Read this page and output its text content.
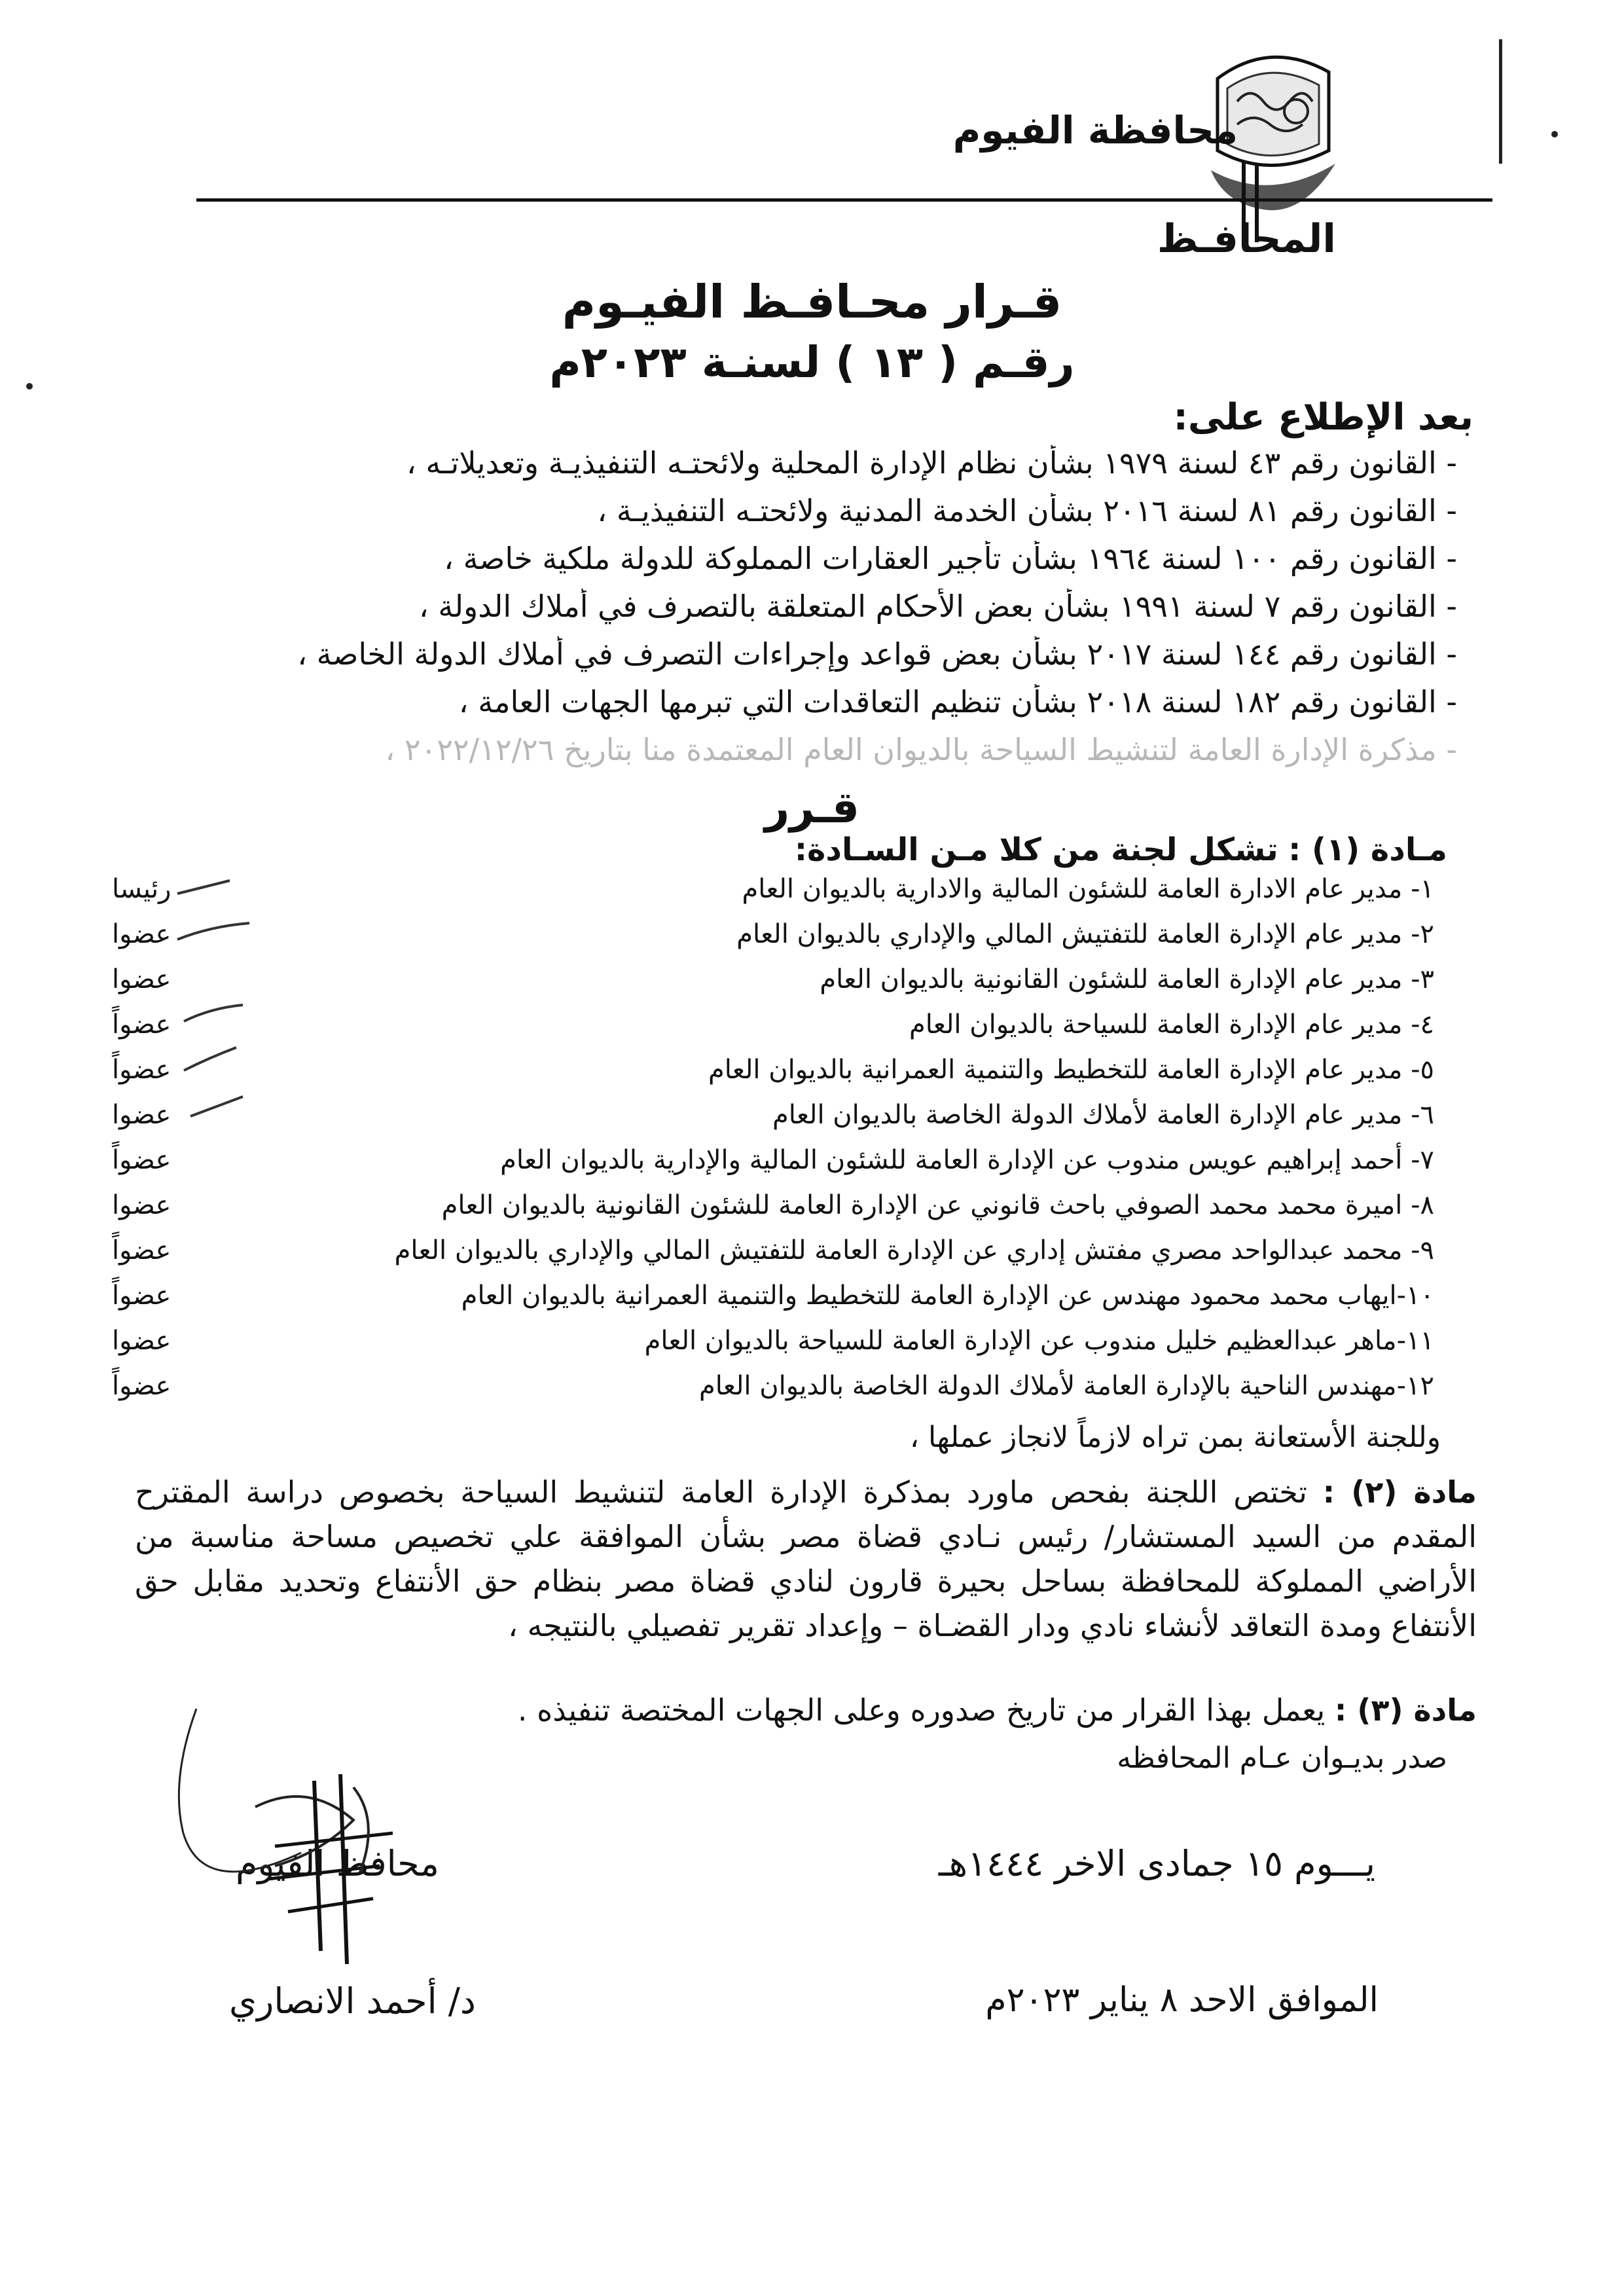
محافظة الفيوم
المحافـظ
قـرار محـافـظ الفيـوم
رقـم ( ١٣ ) لسنـة ٢٠٢٣م
بعد الإطلاع على:
- القانون رقم ٤٣ لسنة ١٩٧٩ بشأن نظام الإدارة المحلية ولائحتـه التنفيذيـة وتعديلاتـه ،
- القانون رقم ٨١ لسنة ٢٠١٦ بشأن الخدمة المدنية ولائحتـه التنفيذيـة ،
- القانون رقم ١٠٠ لسنة ١٩٦٤ بشأن تأجير العقارات المملوكة للدولة ملكية خاصة ،
- القانون رقم ٧ لسنة ١٩٩١ بشأن بعض الأحكام المتعلقة بالتصرف في أملاك الدولة ،
- القانون رقم ١٤٤ لسنة ٢٠١٧ بشأن بعض قواعد وإجراءات التصرف في أملاك الدولة الخاصة ،
- القانون رقم ١٨٢ لسنة ٢٠١٨ بشأن تنظيم التعاقدات التي تبرمها الجهات العامة ،
- مذكرة الإدارة العامة لتنشيط السياحة بالديوان العام المعتمدة منا بتاريخ ٢٠٢٢/١٢/٢٦ ،
قـرر
مـادة (١) : تشكل لجنة من كلا مـن السـادة:
١- مدير عام الادارة العامة للشئون المالية والادارية بالديوان العام
رئيسا
٢- مدير عام الإدارة العامة للتفتيش المالي والإداري بالديوان العام
عضوا
٣- مدير عام الإدارة العامة للشئون القانونية بالديوان العام
عضوا
٤- مدير عام الإدارة العامة للسياحة بالديوان العام
عضواً
٥- مدير عام الإدارة العامة للتخطيط والتنمية العمرانية بالديوان العام
عضواً
٦- مدير عام الإدارة العامة لأملاك الدولة الخاصة بالديوان العام
عضوا
٧- أحمد إبراهيم عويس مندوب عن الإدارة العامة للشئون المالية والإدارية بالديوان العام
عضواً
٨- اميرة محمد محمد الصوفي باحث قانوني عن الإدارة العامة للشئون القانونية بالديوان العام
عضوا
٩- محمد عبدالواحد مصري مفتش إداري عن الإدارة العامة للتفتيش المالي والإداري بالديوان العام
عضواً
١٠-ايهاب محمد محمود مهندس عن الإدارة العامة للتخطيط والتنمية العمرانية بالديوان العام
عضواً
١١-ماهر عبدالعظيم خليل مندوب عن الإدارة العامة للسياحة بالديوان العام
عضوا
١٢-مهندس الناحية بالإدارة العامة لأملاك الدولة الخاصة بالديوان العام
عضواً
وللجنة الأستعانة بمن تراه لازماً لانجاز عملها ،
مادة (٢) : تختص اللجنة بفحص ماورد بمذكرة الإدارة العامة لتنشيط السياحة بخصوص دراسة المقترح المقدم من السيد المستشار/ رئيس نـادي قضاة مصر بشأن الموافقة علي تخصيص مساحة مناسبة من الأراضي المملوكة للمحافظة بساحل بحيرة قارون لنادي قضاة مصر بنظام حق الأنتفاع وتحديد مقابل حق الأنتفاع ومدة التعاقد لأنشاء نادي ودار القضـاة – وإعداد تقرير تفصيلي بالنتيجه ،
مادة (٣) : يعمل بهذا القرار من تاريخ صدوره وعلى الجهات المختصة تنفيذه .
صدر بديـوان عـام المحافظه
يـــوم ١٥ جمادى الاخر ١٤٤٤هـ
الموافق الاحد ٨ يناير ٢٠٢٣م
محافظ الفيوم
د/ أحمد الانصاري
